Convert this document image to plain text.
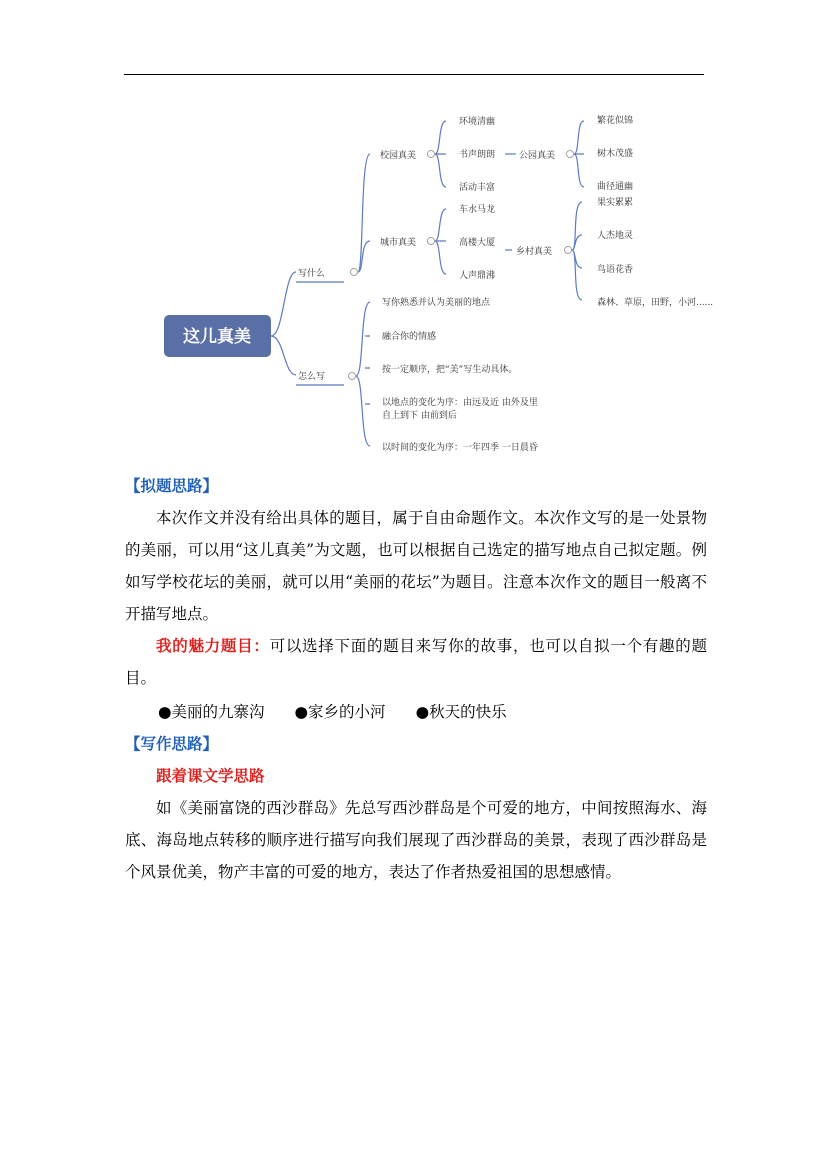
这儿真美
写什么
怎么写
校园真美
环境清幽
书声朗朗
活动丰富
公园真美
繁花似锦
树木茂盛
曲径通幽
城市真美
车水马龙
高楼大厦
人声鼎沸
乡村真美
果实累累
人杰地灵
鸟语花香
森林、草原，田野，小河......
写你熟悉并认为美丽的地点
融合你的情感
按一定顺序，把“美”写生动具体。
以地点的变化为序：由远及近 由外及里
自上到下 由前到后
以时间的变化为序：一年四季 一日晨昏

【拟题思路】

本次作文并没有给出具体的题目，属于自由命题作文。本次作文写的是一处景物的美丽，可以用“这儿真美”为文题，也可以根据自己选定的描写地点自己拟定题。例如写学校花坛的美丽，就可以用“美丽的花坛”为题目。注意本次作文的题目一般离不开描写地点。

我的魅力题目：可以选择下面的题目来写你的故事，也可以自拟一个有趣的题目。

●美丽的九寨沟 ●家乡的小河 ●秋天的快乐

【写作思路】

跟着课文学思路

如《美丽富饶的西沙群岛》先总写西沙群岛是个可爱的地方，中间按照海水、海底、海岛地点转移的顺序进行描写向我们展现了西沙群岛的美景，表现了西沙群岛是个风景优美，物产丰富的可爱的地方，表达了作者热爱祖国的思想感情。
